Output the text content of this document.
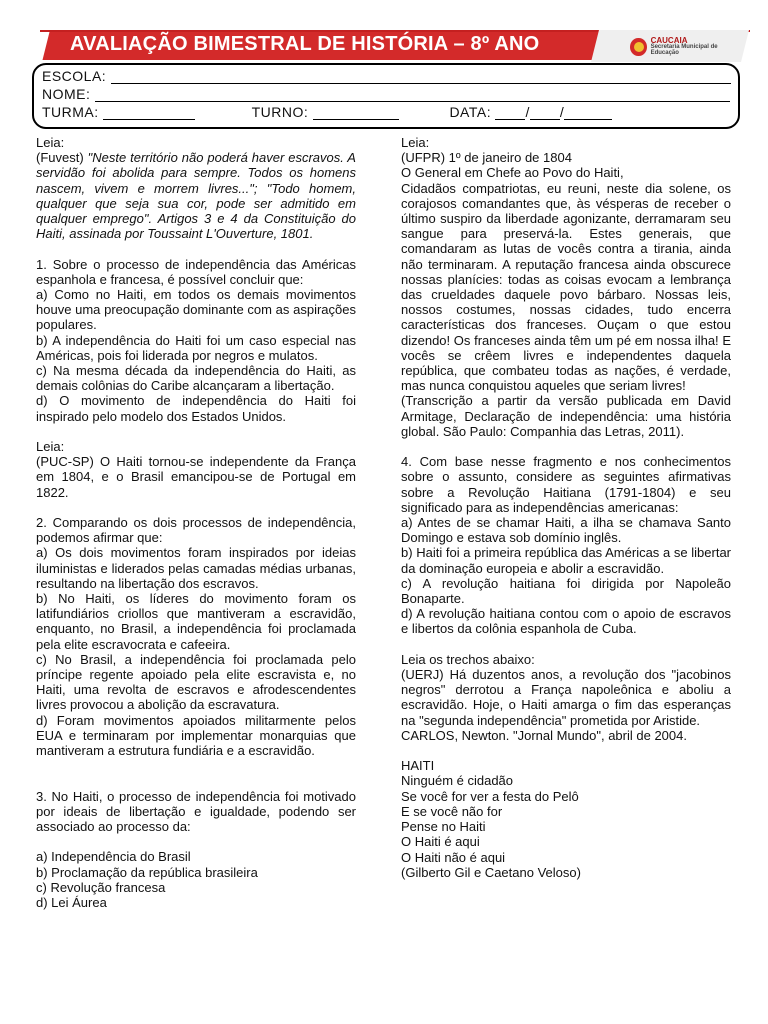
AVALIAÇÃO BIMESTRAL DE HISTÓRIA – 8º ANO	CAUCAIA
Secretaria Municipal de Educação
ESCOLA:
NOME:
TURMA:	TURNO:	DATA: / /

Leia:

(Fuvest) "Neste território não poderá haver escravos. A servidão foi abolida para sempre. Todos os homens nascem, vivem e morrem livres..."; "Todo homem, qualquer que seja sua cor, pode ser admitido em qualquer emprego". Artigos 3 e 4 da Constituição do Haiti, assinada por Toussaint L'Ouverture, 1801.

1. Sobre o processo de independência das Américas espanhola e francesa, é possível concluir que:

a) Como no Haiti, em todos os demais movimentos houve uma preocupação dominante com as aspirações populares.

b) A independência do Haiti foi um caso especial nas Américas, pois foi liderada por negros e mulatos.

c) Na mesma década da independência do Haiti, as demais colônias do Caribe alcançaram a libertação.

d) O movimento de independência do Haiti foi inspirado pelo modelo dos Estados Unidos.

Leia:

(PUC-SP) O Haiti tornou-se independente da França em 1804, e o Brasil emancipou-se de Portugal em 1822.

2. Comparando os dois processos de independência, podemos afirmar que:

a) Os dois movimentos foram inspirados por ideias iluministas e liderados pelas camadas médias urbanas, resultando na libertação dos escravos.

b) No Haiti, os líderes do movimento foram os latifundiários criollos que mantiveram a escravidão, enquanto, no Brasil, a independência foi proclamada pela elite escravocrata e cafeeira.

c) No Brasil, a independência foi proclamada pelo príncipe regente apoiado pela elite escravista e, no Haiti, uma revolta de escravos e afrodescendentes livres provocou a abolição da escravatura.

d) Foram movimentos apoiados militarmente pelos EUA e terminaram por implementar monarquias que mantiveram a estrutura fundiária e a escravidão.

3. No Haiti, o processo de independência foi motivado por ideais de libertação e igualdade, podendo ser associado ao processo da:

a) Independência do Brasil

b) Proclamação da república brasileira

c) Revolução francesa

d) Lei Áurea

Leia:

(UFPR) 1º de janeiro de 1804
O General em Chefe ao Povo do Haiti,
Cidadãos compatriotas, eu reuni, neste dia solene, os corajosos comandantes que, às vésperas de receber o último suspiro da liberdade agonizante, derramaram seu sangue para preservá-la. Estes generais, que comandaram as lutas de vocês contra a tirania, ainda não terminaram. A reputação francesa ainda obscurece nossas planícies: todas as coisas evocam a lembrança das crueldades daquele povo bárbaro. Nossas leis, nossos costumes, nossas cidades, tudo encerra características dos franceses. Ouçam o que estou dizendo! Os franceses ainda têm um pé em nossa ilha! E vocês se crêem livres e independentes daquela república, que combateu todas as nações, é verdade, mas nunca conquistou aqueles que seriam livres!
(Transcrição a partir da versão publicada em David Armitage, Declaração de independência: uma história global. São Paulo: Companhia das Letras, 2011).

4. Com base nesse fragmento e nos conhecimentos sobre o assunto, considere as seguintes afirmativas sobre a Revolução Haitiana (1791-1804) e seu significado para as independências americanas:

a) Antes de se chamar Haiti, a ilha se chamava Santo Domingo e estava sob domínio inglês.

b) Haiti foi a primeira república das Américas a se libertar da dominação europeia e abolir a escravidão.

c) A revolução haitiana foi dirigida por Napoleão Bonaparte.

d) A revolução haitiana contou com o apoio de escravos e libertos da colônia espanhola de Cuba.

Leia os trechos abaixo:

(UERJ) Há duzentos anos, a revolução dos "jacobinos negros" derrotou a França napoleônica e aboliu a escravidão. Hoje, o Haiti amarga o fim das esperanças na "segunda independência" prometida por Aristide.

CARLOS, Newton. "Jornal Mundo", abril de 2004.

HAITI

Ninguém é cidadão

Se você for ver a festa do Pelô

E se você não for

Pense no Haiti

O Haiti é aqui

O Haiti não é aqui

(Gilberto Gil e Caetano Veloso)
